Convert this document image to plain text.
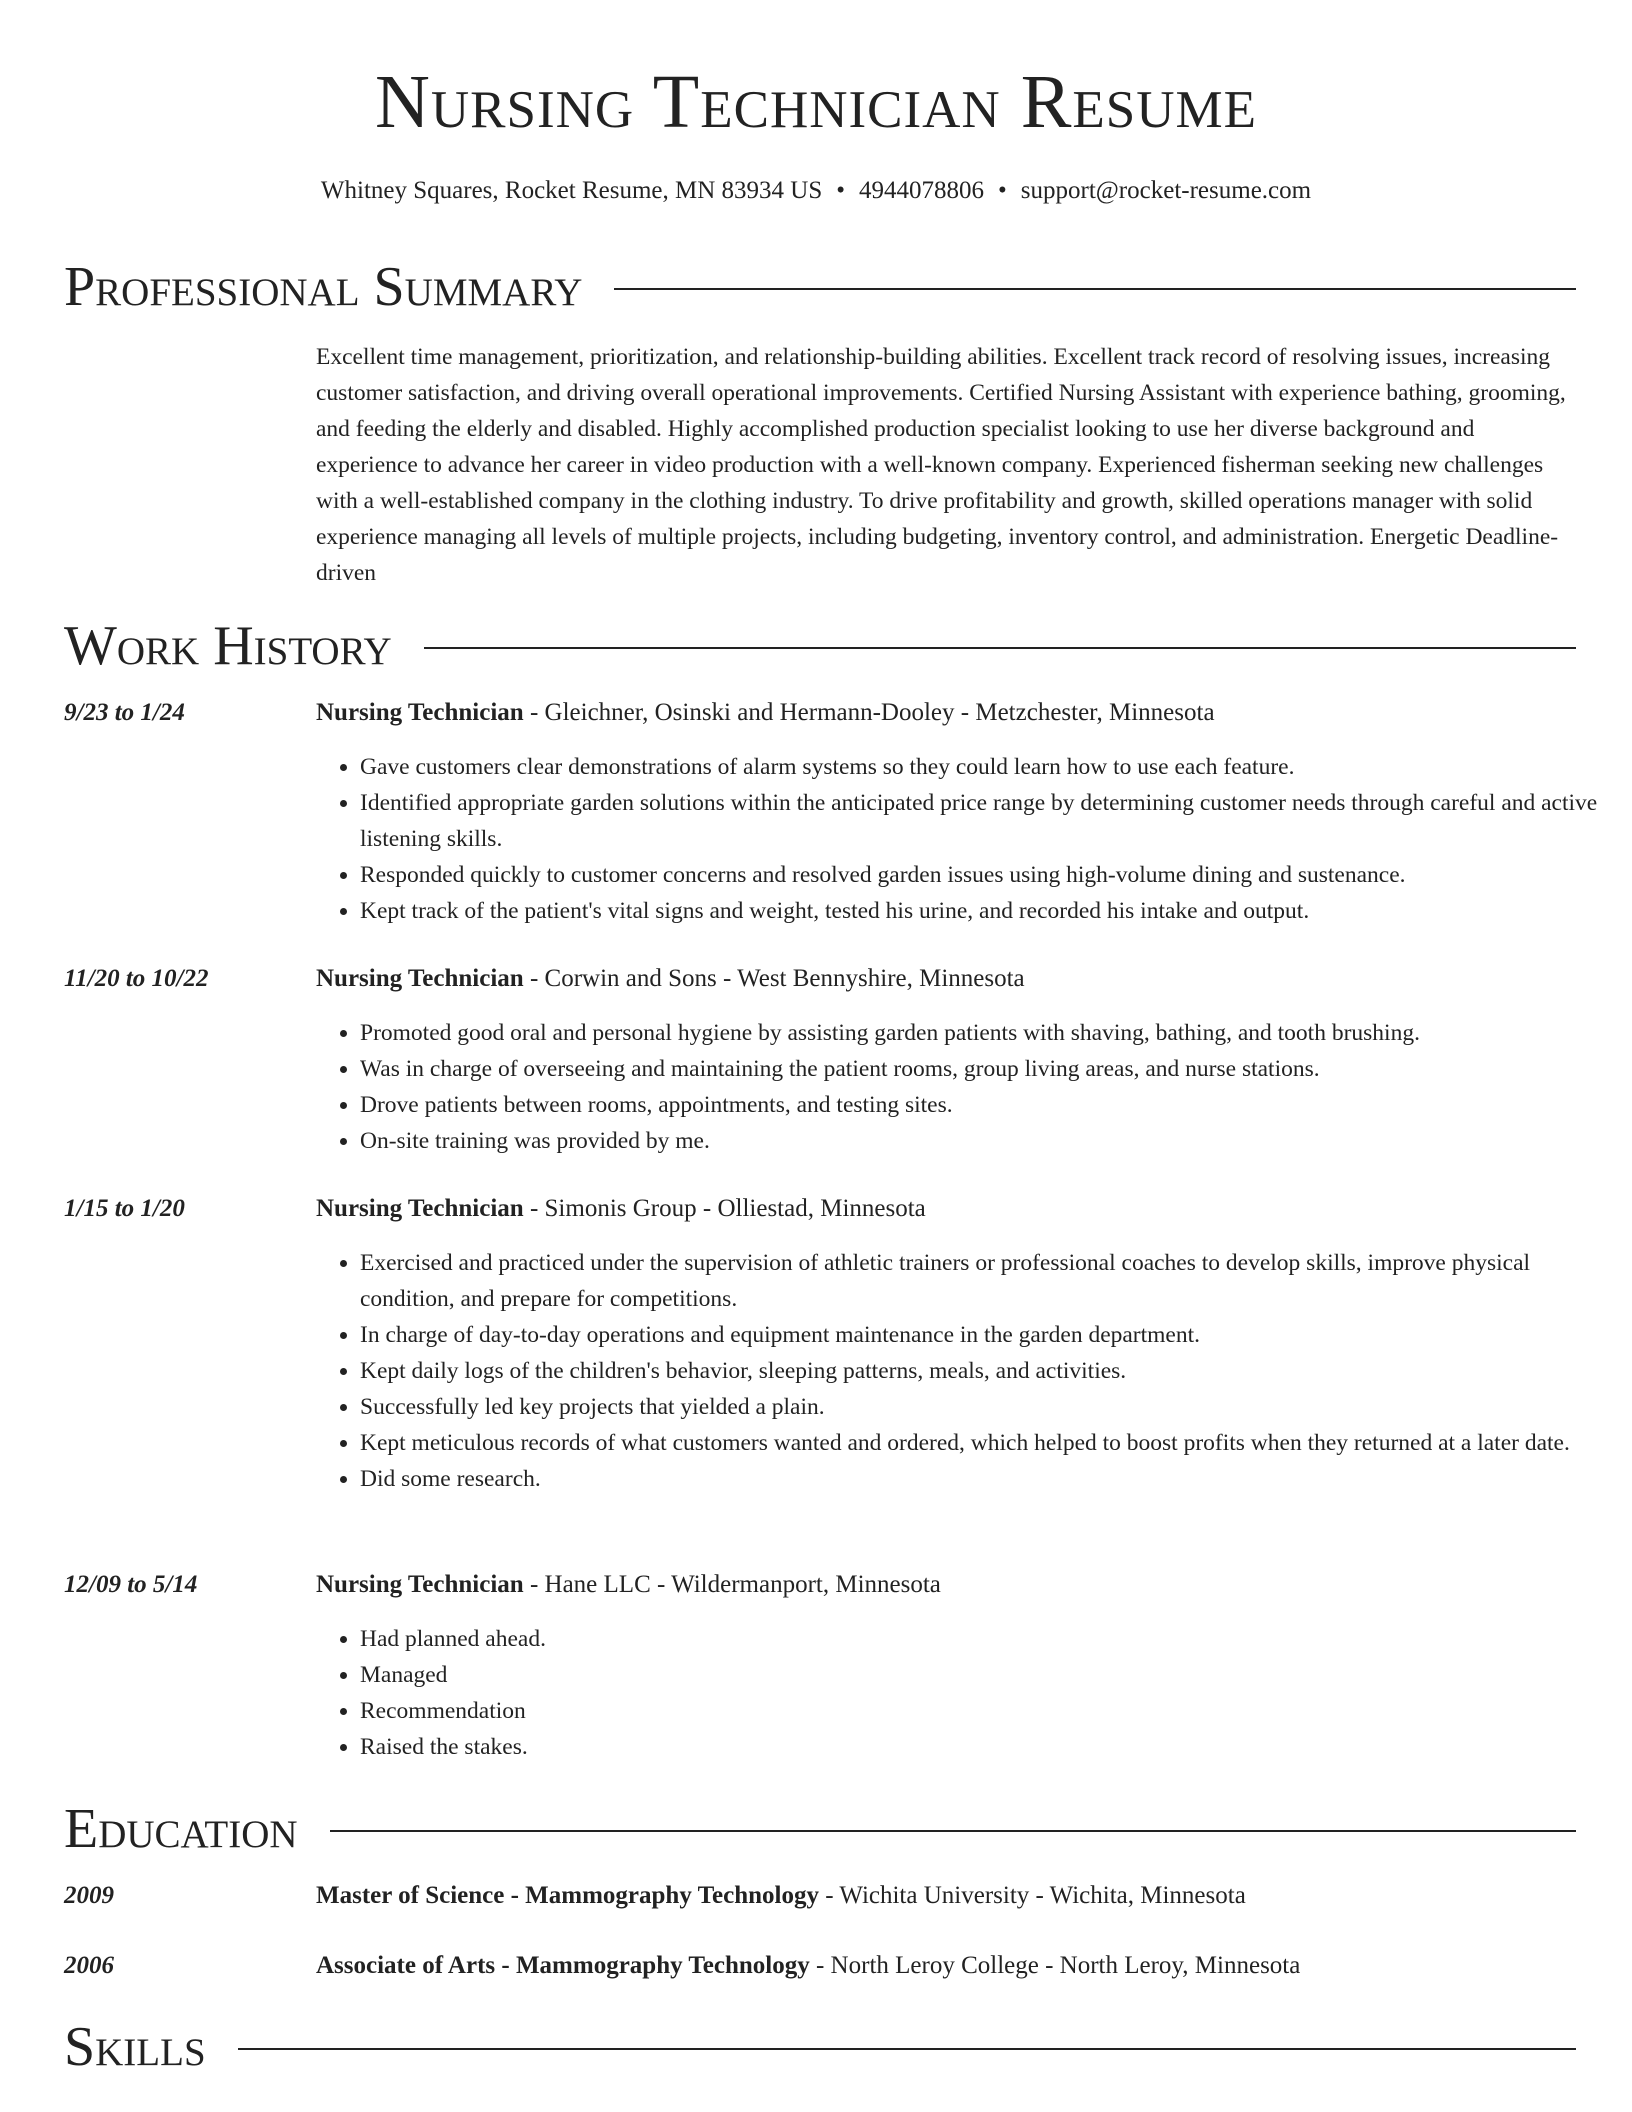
Nursing Technician Resume
Whitney Squares, Rocket Resume, MN 83934 US • 4944078806 • support@rocket-resume.com
Professional Summary

Excellent time management, prioritization, and relationship-building abilities. Excellent track record of resolving issues, increasing customer satisfaction, and driving overall operational improvements. Certified Nursing Assistant with experience bathing, grooming, and feeding the elderly and disabled. Highly accomplished production specialist looking to use her diverse background and experience to advance her career in video production with a well-known company. Experienced fisherman seeking new challenges with a well-established company in the clothing industry. To drive profitability and growth, skilled operations manager with solid experience managing all levels of multiple projects, including budgeting, inventory control, and administration. Energetic Deadline-driven

Work History
9/23 to 1/24	Nursing Technician - Gleichner, Osinski and Hermann-Dooley - Metzchester, Minnesota
• Gave customers clear demonstrations of alarm systems so they could learn how to use each feature.
• Identified appropriate garden solutions within the anticipated price range by determining customer needs through careful and active listening skills.
• Responded quickly to customer concerns and resolved garden issues using high-volume dining and sustenance.
• Kept track of the patient's vital signs and weight, tested his urine, and recorded his intake and output.
11/20 to 10/22	Nursing Technician - Corwin and Sons - West Bennyshire, Minnesota
• Promoted good oral and personal hygiene by assisting garden patients with shaving, bathing, and tooth brushing.
• Was in charge of overseeing and maintaining the patient rooms, group living areas, and nurse stations.
• Drove patients between rooms, appointments, and testing sites.
• On-site training was provided by me.
1/15 to 1/20	Nursing Technician - Simonis Group - Olliestad, Minnesota
• Exercised and practiced under the supervision of athletic trainers or professional coaches to develop skills, improve physical condition, and prepare for competitions.
• In charge of day-to-day operations and equipment maintenance in the garden department.
• Kept daily logs of the children's behavior, sleeping patterns, meals, and activities.
• Successfully led key projects that yielded a plain.
• Kept meticulous records of what customers wanted and ordered, which helped to boost profits when they returned at a later date.
• Did some research.
12/09 to 5/14	Nursing Technician - Hane LLC - Wildermanport, Minnesota
• Had planned ahead.
• Managed
• Recommendation
• Raised the stakes.
Education
2009	Master of Science - Mammography Technology - Wichita University - Wichita, Minnesota
2006	Associate of Arts - Mammography Technology - North Leroy College - North Leroy, Minnesota
Skills
